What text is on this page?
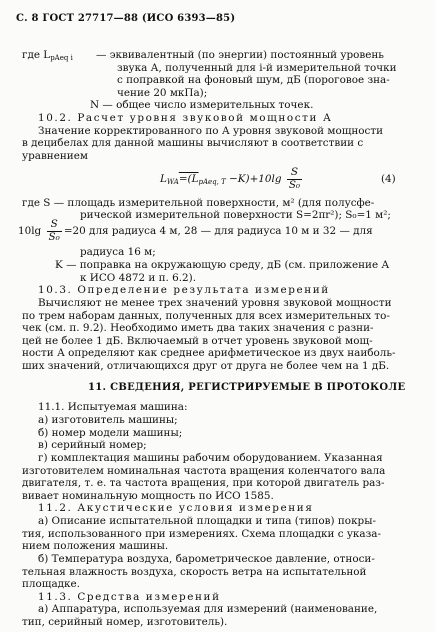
С. 8 ГОСТ 27717—88 (ИСО 6393—85)
где $L_{pAeq i}$ — эквивалентный (по энергии) постоянный уровень
звука А, полученный для i-й измерительной точки
с поправкой на фоновый шум, дБ (пороговое зна-
чение 20 мкПа);
N — общее число измерительных точек.
10.2. Расчет уровня звуковой мощности А
Значение корректированного по А уровня звуковой мощности
в децибелах для данной машины вычисляют в соответствии с
уравнением
$L_{WA}=(L_{pAeq, T} -K)+10\lg \frac{S}{\text{S₀}}$	(4)
где S — площадь измерительной поверхности, м² (для полусфе-
рической измерительной поверхности S=2πr²); S₀=1 м²;
$10\lg \frac{S}{\text{S₀}} =20$ для радиуса 4 м, 28 — для радиуса 10 м и 32 — для
радиуса 16 м;
K — поправка на окружающую среду, дБ (см. приложение А
к ИСО 4872 и п. 6.2).
10.3. Определение результата измерений
Вычисляют не менее трех значений уровня звуковой мощности
по трем наборам данных, полученных для всех измерительных то-
чек (см. п. 9.2). Необходимо иметь два таких значения с разни-
цей не более 1 дБ. Включаемый в отчет уровень звуковой мощ-
ности А определяют как среднее арифметическое из двух наиболь-
ших значений, отличающихся друг от друга не более чем на 1 дБ.
11. СВЕДЕНИЯ, РЕГИСТРИРУЕМЫЕ В ПРОТОКОЛЕ
11.1. Испытуемая машина:
а) изготовитель машины;
б) номер модели машины;
в) серийный номер;
г) комплектация машины рабочим оборудованием. Указанная
изготовителем номинальная частота вращения коленчатого вала
двигателя, т. е. та частота вращения, при которой двигатель раз-
вивает номинальную мощность по ИСО 1585.
11.2. Акустические условия измерения
а) Описание испытательной площадки и типа (типов) покры-
тия, использованного при измерениях. Схема площадки с указа-
нием положения машины.
б) Температура воздуха, барометрическое давление, относи-
тельная влажность воздуха, скорость ветра на испытательной
площадке.
11.3. Средства измерений
а) Аппаратура, используемая для измерений (наименование,
тип, серийный номер, изготовитель).
